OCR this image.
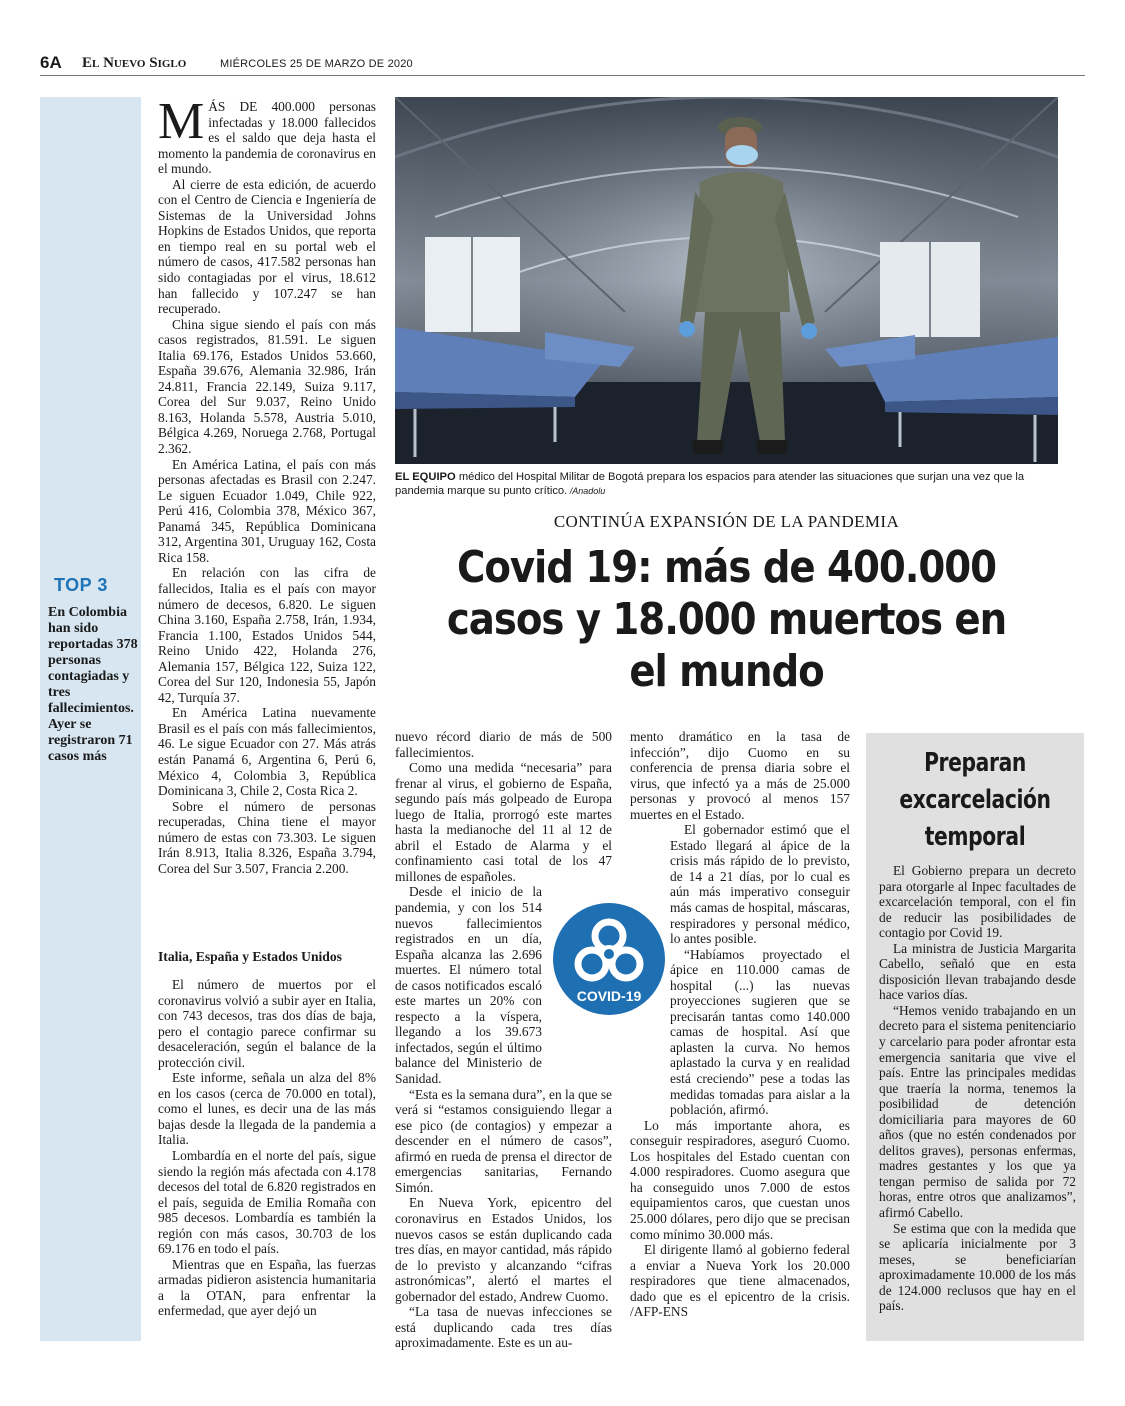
6A El Nuevo Siglo	MIÉRCOLES 25 DE MARZO DE 2020
TOP 3
En Colombia han sido reportadas 378 personas contagiadas y tres fallecimientos. Ayer se registraron 71 casos más
M ÁS DE 400.000 personas infectadas y 18.000 fallecidos es el saldo que deja hasta el momento la pandemia de coronavirus en el mundo.

Al cierre de esta edición, de acuerdo con el Centro de Ciencia e Ingeniería de Sistemas de la Universidad Johns Hopkins de Estados Unidos, que reporta en tiempo real en su portal web el número de casos, 417.582 personas han sido contagiadas por el virus, 18.612 han fallecido y 107.247 se han recuperado.

China sigue siendo el país con más casos registrados, 81.591. Le siguen Italia 69.176, Estados Unidos 53.660, España 39.676, Alemania 32.986, Irán 24.811, Francia 22.149, Suiza 9.117, Corea del Sur 9.037, Reino Unido 8.163, Holanda 5.578, Austria 5.010, Bélgica 4.269, Noruega 2.768, Portugal 2.362.

En América Latina, el país con más personas afectadas es Brasil con 2.247. Le siguen Ecuador 1.049, Chile 922, Perú 416, Colombia 378, México 367, Panamá 345, República Dominicana 312, Argentina 301, Uruguay 162, Costa Rica 158.

En relación con las cifra de fallecidos, Italia es el país con mayor número de decesos, 6.820. Le siguen China 3.160, España 2.758, Irán, 1.934, Francia 1.100, Estados Unidos 544, Reino Unido 422, Holanda 276, Alemania 157, Bélgica 122, Suiza 122, Corea del Sur 120, Indonesia 55, Japón 42, Turquía 37.

En América Latina nuevamente Brasil es el país con más fallecimientos, 46. Le sigue Ecuador con 27. Más atrás están Panamá 6, Argentina 6, Perú 6, México 4, Colombia 3, República Dominicana 3, Chile 2, Costa Rica 2.

Sobre el número de personas recuperadas, China tiene el mayor número de estas con 73.303. Le siguen Irán 8.913, Italia 8.326, España 3.794, Corea del Sur 3.507, Francia 2.200.

Italia, España y Estados Unidos

El número de muertos por el coronavirus volvió a subir ayer en Italia, con 743 decesos, tras dos días de baja, pero el contagio parece confirmar su desaceleración, según el balance de la protección civil.

Este informe, señala un alza del 8% en los casos (cerca de 70.000 en total), como el lunes, es decir una de las más bajas desde la llegada de la pandemia a Italia.

Lombardía en el norte del país, sigue siendo la región más afectada con 4.178 decesos del total de 6.820 registrados en el país, seguida de Emilia Romaña con 985 decesos. Lombardía es también la región con más casos, 30.703 de los 69.176 en todo el país.

Mientras que en España, las fuerzas armadas pidieron asistencia humanitaria a la OTAN, para enfrentar la enfermedad, que ayer dejó un

EL EQUIPO médico del Hospital Militar de Bogotá prepara los espacios para atender las situaciones que surjan una vez que la pandemia marque su punto crítico. /Anadolu
CONTINÚA EXPANSIÓN DE LA PANDEMIA
Covid 19: más de 400.000 casos y 18.000 muertos en el mundo

nuevo récord diario de más de 500 fallecimientos.

Como una medida “necesaria” para frenar al virus, el gobierno de España, segundo país más golpeado de Europa luego de Italia, prorrogó este martes hasta la medianoche del 11 al 12 de abril el Estado de Alarma y el confinamiento casi total de los 47 millones de españoles.

Desde el inicio de la pandemia, y con los 514 nuevos fallecimientos registrados en un día, España alcanza las 2.696 muertes. El número total de casos notificados escaló este martes un 20% con respecto a la víspera, llegando a los 39.673 infectados, según el último balance del Ministerio de Sanidad.

“Esta es la semana dura”, en la que se verá si “estamos consiguiendo llegar a ese pico (de contagios) y empezar a descender en el número de casos”, afirmó en rueda de prensa el director de emergencias sanitarias, Fernando Simón.

En Nueva York, epicentro del coronavirus en Estados Unidos, los nuevos casos se están duplicando cada tres días, en mayor cantidad, más rápido de lo previsto y alcanzando “cifras astronómicas”, alertó el martes el gobernador del estado, Andrew Cuomo.

“La tasa de nuevas infecciones se está duplicando cada tres días aproximadamente. Este es un au-

mento dramático en la tasa de infección”, dijo Cuomo en su conferencia de prensa diaria sobre el virus, que infectó ya a más de 25.000 personas y provocó al menos 157 muertes en el Estado.

El gobernador estimó que el Estado llegará al ápice de la crisis más rápido de lo previsto, de 14 a 21 días, por lo cual es aún más imperativo conseguir más camas de hospital, máscaras, respiradores y personal médico, lo antes posible.

“Habíamos proyectado el ápice en 110.000 camas de hospital (...) las nuevas proyecciones sugieren que se precisarán tantas como 140.000 camas de hospital. Así que aplasten la curva. No hemos aplastado la curva y en realidad está creciendo” pese a todas las medidas tomadas para aislar a la población, afirmó.

Lo más importante ahora, es conseguir respiradores, aseguró Cuomo. Los hospitales del Estado cuentan con 4.000 respiradores. Cuomo asegura que ha conseguido unos 7.000 de estos equipamientos caros, que cuestan unos 25.000 dólares, pero dijo que se precisan como mínimo 30.000 más.

El dirigente llamó al gobierno federal a enviar a Nueva York los 20.000 respiradores que tiene almacenados, dado que es el epicentro de la crisis. /AFP-ENS

COVID-19
Preparan excarcelación temporal

El Gobierno prepara un decreto para otorgarle al Inpec facultades de excarcelación temporal, con el fin de reducir las posibilidades de contagio por Covid 19.

La ministra de Justicia Margarita Cabello, señaló que en esta disposición llevan trabajando desde hace varios días.

“Hemos venido trabajando en un decreto para el sistema penitenciario y carcelario para poder afrontar esta emergencia sanitaria que vive el país. Entre las principales medidas que traería la norma, tenemos la posibilidad de detención domiciliaria para mayores de 60 años (que no estén condenados por delitos graves), personas enfermas, madres gestantes y los que ya tengan permiso de salida por 72 horas, entre otros que analizamos”, afirmó Cabello.

Se estima que con la medida que se aplicaría inicialmente por 3 meses, se beneficiarían aproximadamente 10.000 de los más de 124.000 reclusos que hay en el país.
